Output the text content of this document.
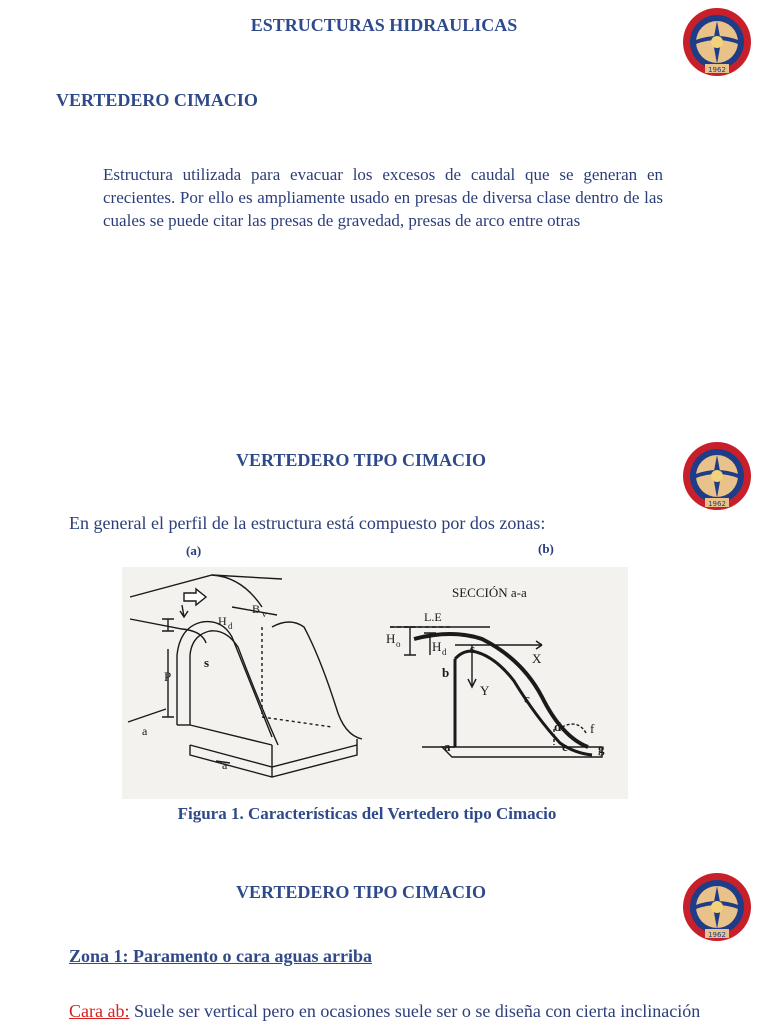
ESTRUCTURAS HIDRAULICAS
1962
1962
1962
VERTEDERO CIMACIO
Estructura utilizada para evacuar los excesos de caudal que se generan en crecientes. Por ello es ampliamente usado en presas de diversa clase dentro de las cuales se puede citar las presas de gravedad, presas de arco entre otras
VERTEDERO TIPO CIMACIO
En general el perfil de la estructura está compuesto por dos zonas:
(a)	(b)
H d
B v
s
P
a
a
SECCIÓN a-a
L.E
H o H d s
X
Y
b
c
d f
e g
a
Figura 1. Características del Vertedero tipo Cimacio
VERTEDERO TIPO CIMACIO
Zona 1: Paramento o cara aguas arriba
Cara ab: Suele ser vertical pero en ocasiones suele ser o se diseña con cierta inclinación
